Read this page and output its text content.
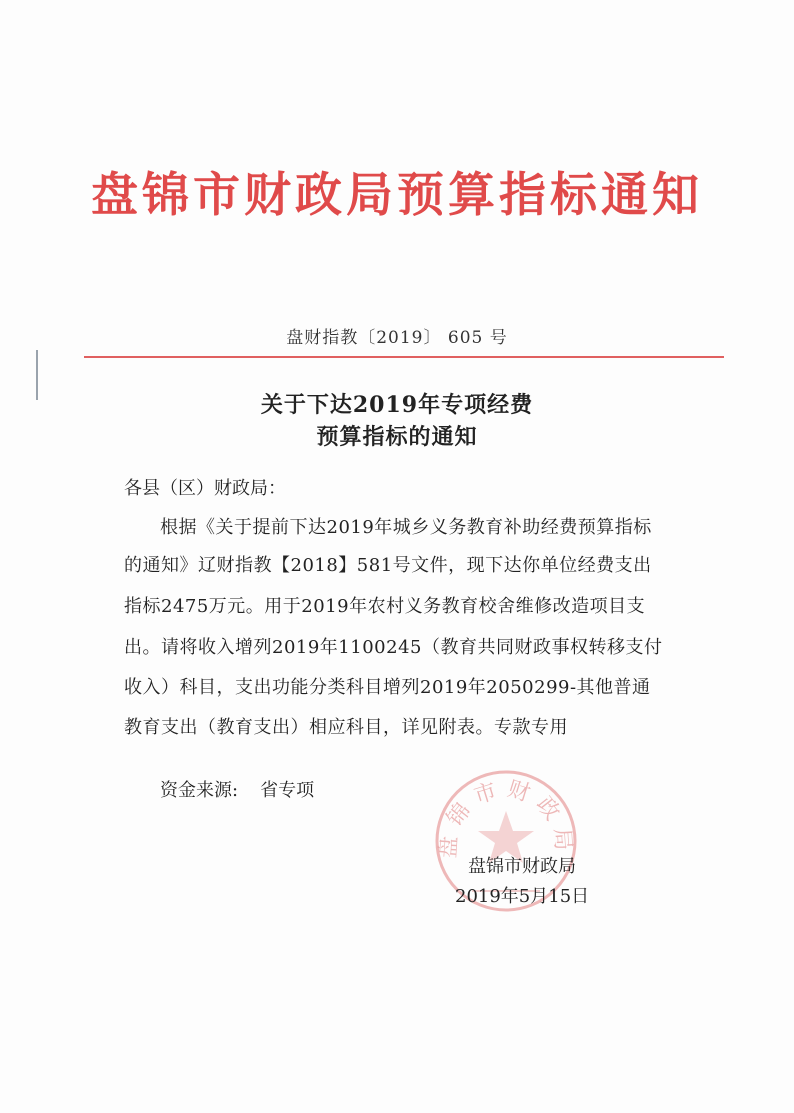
盘锦市财政局预算指标通知
盘财指教〔2019〕 605 号
关于下达2019年专项经费
预算指标的通知
各县（区）财政局：
根据《关于提前下达2019年城乡义务教育补助经费预算指标
的通知》辽财指教【2018】581号文件，现下达你单位经费支出
指标2475万元。用于2019年农村义务教育校舍维修改造项目支
出。请将收入增列2019年1100245（教育共同财政事权转移支付
收入）科目，支出功能分类科目增列2019年2050299-其他普通
教育支出（教育支出）相应科目，详见附表。专款专用
资金来源: 省专项
盘锦市财政局
盘锦市财政局
2019年5月15日
